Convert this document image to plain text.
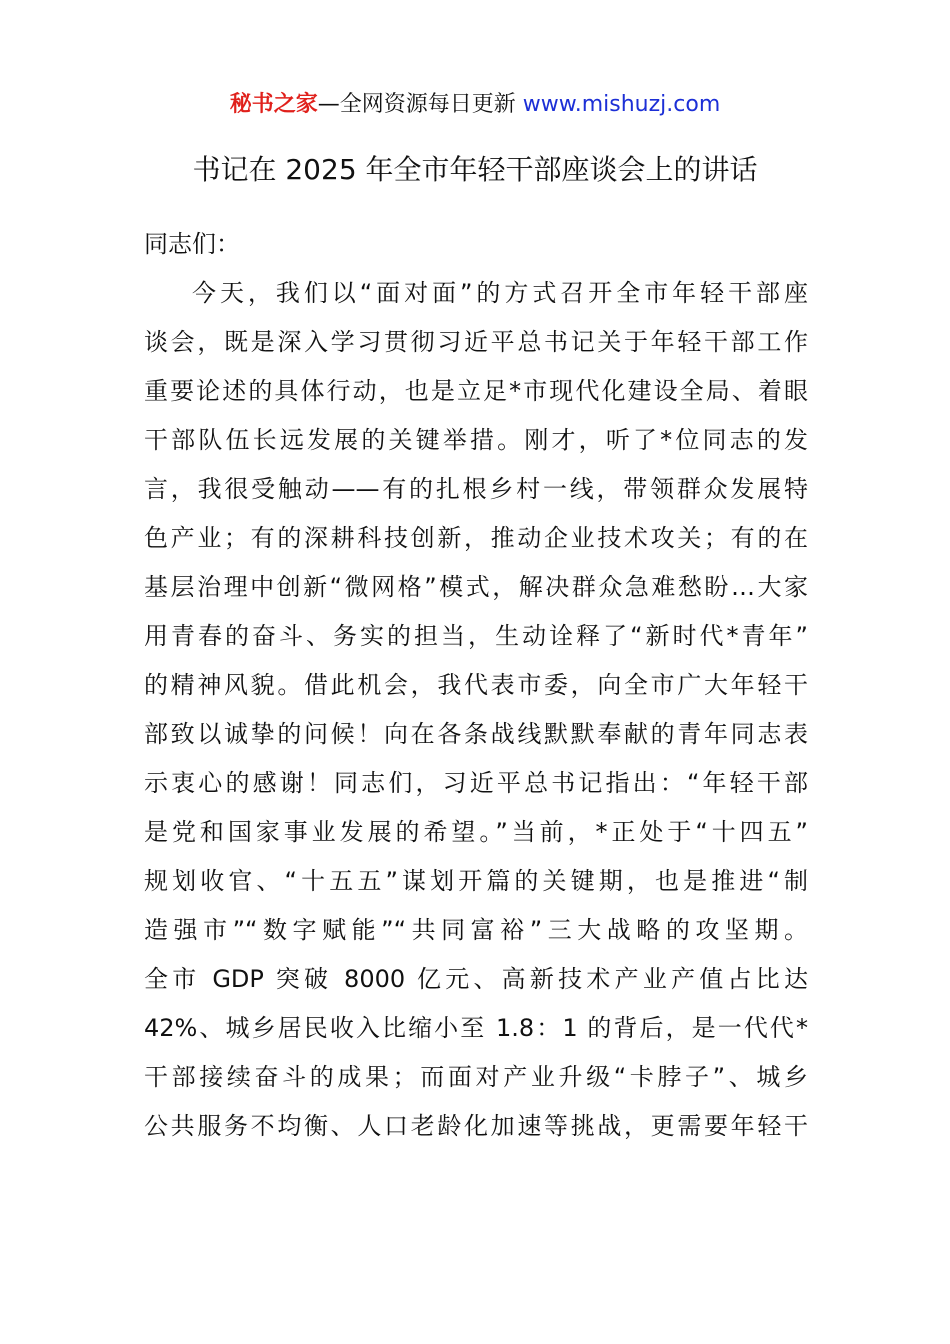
秘书之家—全网资源每日更新 www.mishuzj.com
书记在 2025 年全市年轻干部座谈会上的讲话
同志们：
今天，我们以“面对面”的方式召开全市年轻干部座
谈会，既是深入学习贯彻习近平总书记关于年轻干部工作
重要论述的具体行动，也是立足*市现代化建设全局、着眼
干部队伍长远发展的关键举措。刚才，听了*位同志的发
言，我很受触动——有的扎根乡村一线，带领群众发展特
色产业；有的深耕科技创新，推动企业技术攻关；有的在
基层治理中创新“微网格”模式，解决群众急难愁盼…大家
用青春的奋斗、务实的担当，生动诠释了“新时代*青年”
的精神风貌。借此机会，我代表市委，向全市广大年轻干
部致以诚挚的问候！向在各条战线默默奉献的青年同志表
示衷心的感谢！同志们，习近平总书记指出：“年轻干部
是党和国家事业发展的希望。”当前，*正处于“十四五”
规划收官、“十五五”谋划开篇的关键期，也是推进“制
造强市”“数字赋能”“共同富裕”三大战略的攻坚期。
全市 GDP 突破 8000 亿元、高新技术产业产值占比达
42%、城乡居民收入比缩小至 1.8：1 的背后，是一代代*
干部接续奋斗的成果；而面对产业升级“卡脖子”、城乡
公共服务不均衡、人口老龄化加速等挑战，更需要年轻干
